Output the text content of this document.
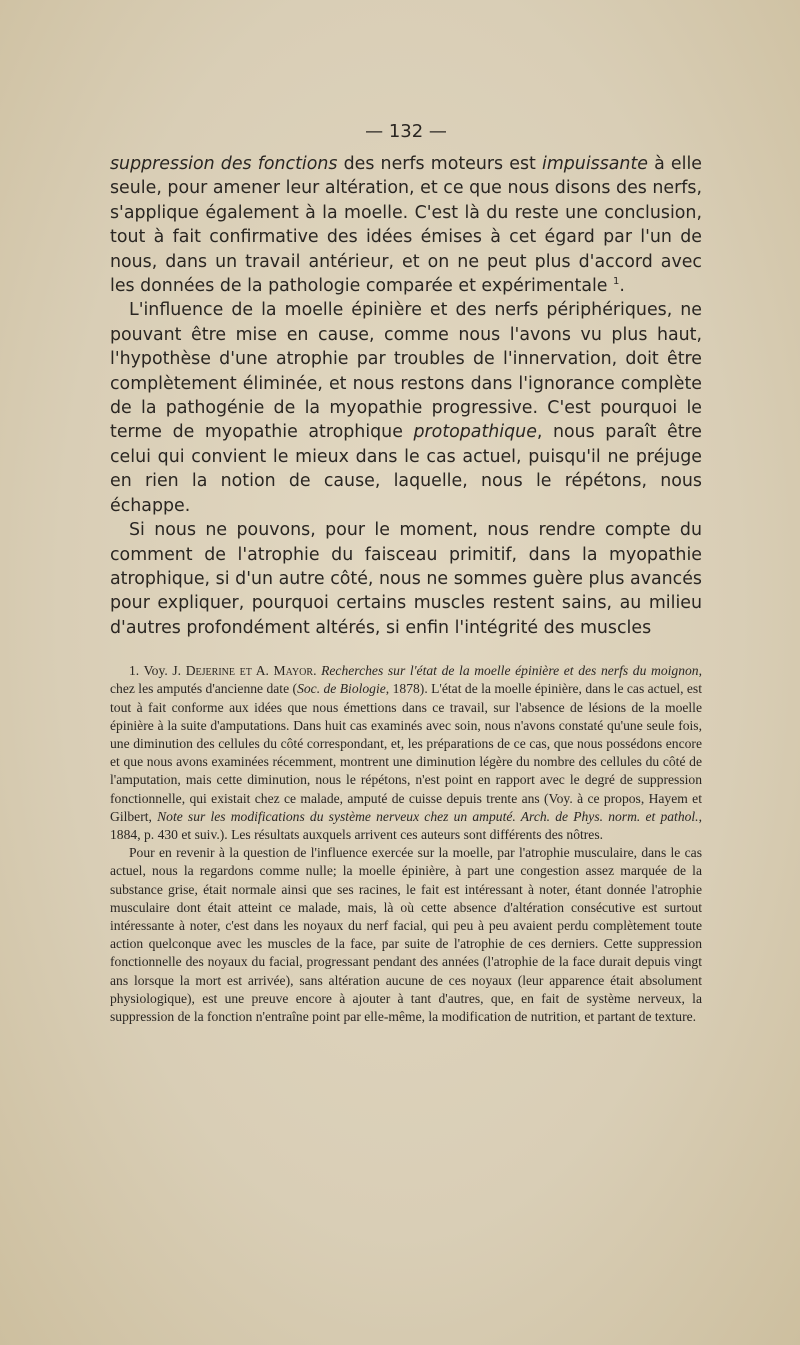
— 132 —

suppression des fonctions des nerfs moteurs est impuissante à elle seule, pour amener leur altération, et ce que nous disons des nerfs, s'applique également à la moelle. C'est là du reste une conclusion, tout à fait confirmative des idées émises à cet égard par l'un de nous, dans un travail antérieur, et on ne peut plus d'accord avec les données de la pathologie comparée et expérimentale $^1$.

L'influence de la moelle épinière et des nerfs périphériques, ne pouvant être mise en cause, comme nous l'avons vu plus haut, l'hypothèse d'une atrophie par troubles de l'innervation, doit être complètement éliminée, et nous restons dans l'ignorance complète de la pathogénie de la myopathie progressive. C'est pourquoi le terme de myopathie atrophique protopathique, nous paraît être celui qui convient le mieux dans le cas actuel, puisqu'il ne préjuge en rien la notion de cause, laquelle, nous le répétons, nous échappe.

Si nous ne pouvons, pour le moment, nous rendre compte du comment de l'atrophie du faisceau primitif, dans la myopathie atrophique, si d'un autre côté, nous ne sommes guère plus avancés pour expliquer, pourquoi certains muscles restent sains, au milieu d'autres profondément altérés, si enfin l'intégrité des muscles

1. Voy. J. Dejerine et A. Mayor. Recherches sur l'état de la moelle épinière et des nerfs du moignon, chez les amputés d'ancienne date (Soc. de Biologie, 1878). L'état de la moelle épinière, dans le cas actuel, est tout à fait conforme aux idées que nous émettions dans ce travail, sur l'absence de lésions de la moelle épinière à la suite d'amputations. Dans huit cas examinés avec soin, nous n'avons constaté qu'une seule fois, une diminution des cellules du côté correspondant, et, les préparations de ce cas, que nous possédons encore et que nous avons examinées récemment, montrent une diminution légère du nombre des cellules du côté de l'amputation, mais cette diminution, nous le répétons, n'est point en rapport avec le degré de suppression fonctionnelle, qui existait chez ce malade, amputé de cuisse depuis trente ans (Voy. à ce propos, Hayem et Gilbert, Note sur les modifications du système nerveux chez un amputé. Arch. de Phys. norm. et pathol., 1884, p. 430 et suiv.). Les résultats auxquels arrivent ces auteurs sont différents des nôtres.

Pour en revenir à la question de l'influence exercée sur la moelle, par l'atrophie musculaire, dans le cas actuel, nous la regardons comme nulle; la moelle épinière, à part une congestion assez marquée de la substance grise, était normale ainsi que ses racines, le fait est intéressant à noter, étant donnée l'atrophie musculaire dont était atteint ce malade, mais, là où cette absence d'altération consécutive est surtout intéressante à noter, c'est dans les noyaux du nerf facial, qui peu à peu avaient perdu complètement toute action quelconque avec les muscles de la face, par suite de l'atrophie de ces derniers. Cette suppression fonctionnelle des noyaux du facial, progressant pendant des années (l'atrophie de la face durait depuis vingt ans lorsque la mort est arrivée), sans altération aucune de ces noyaux (leur apparence était absolument physiologique), est une preuve encore à ajouter à tant d'autres, que, en fait de système nerveux, la suppression de la fonction n'entraîne point par elle-même, la modification de nutrition, et partant de texture.
